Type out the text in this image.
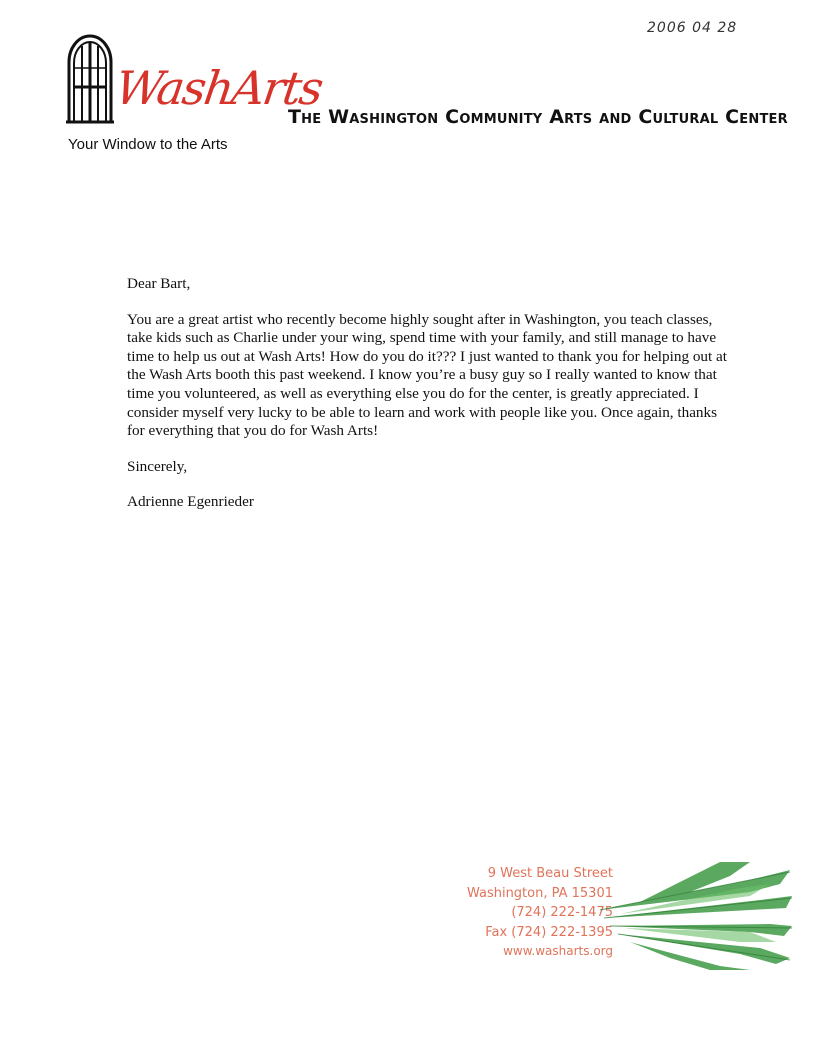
2006 04 28
WashArts
Your Window to the Arts
The Washington Community Arts and Cultural Center

Dear Bart,

You are a great artist who recently become highly sought after in Washington, you teach classes, take kids such as Charlie under your wing, spend time with your family, and still manage to have time to help us out at Wash Arts! How do you do it??? I just wanted to thank you for helping out at the Wash Arts booth this past weekend. I know you’re a busy guy so I really wanted to know that time you volunteered, as well as everything else you do for the center, is greatly appreciated. I consider myself very lucky to be able to learn and work with people like you. Once again, thanks for everything that you do for Wash Arts!

Sincerely,

Adrienne Egenrieder

9 West Beau Street
Washington, PA 15301
(724) 222-1475
Fax (724) 222-1395
www.washarts.org
